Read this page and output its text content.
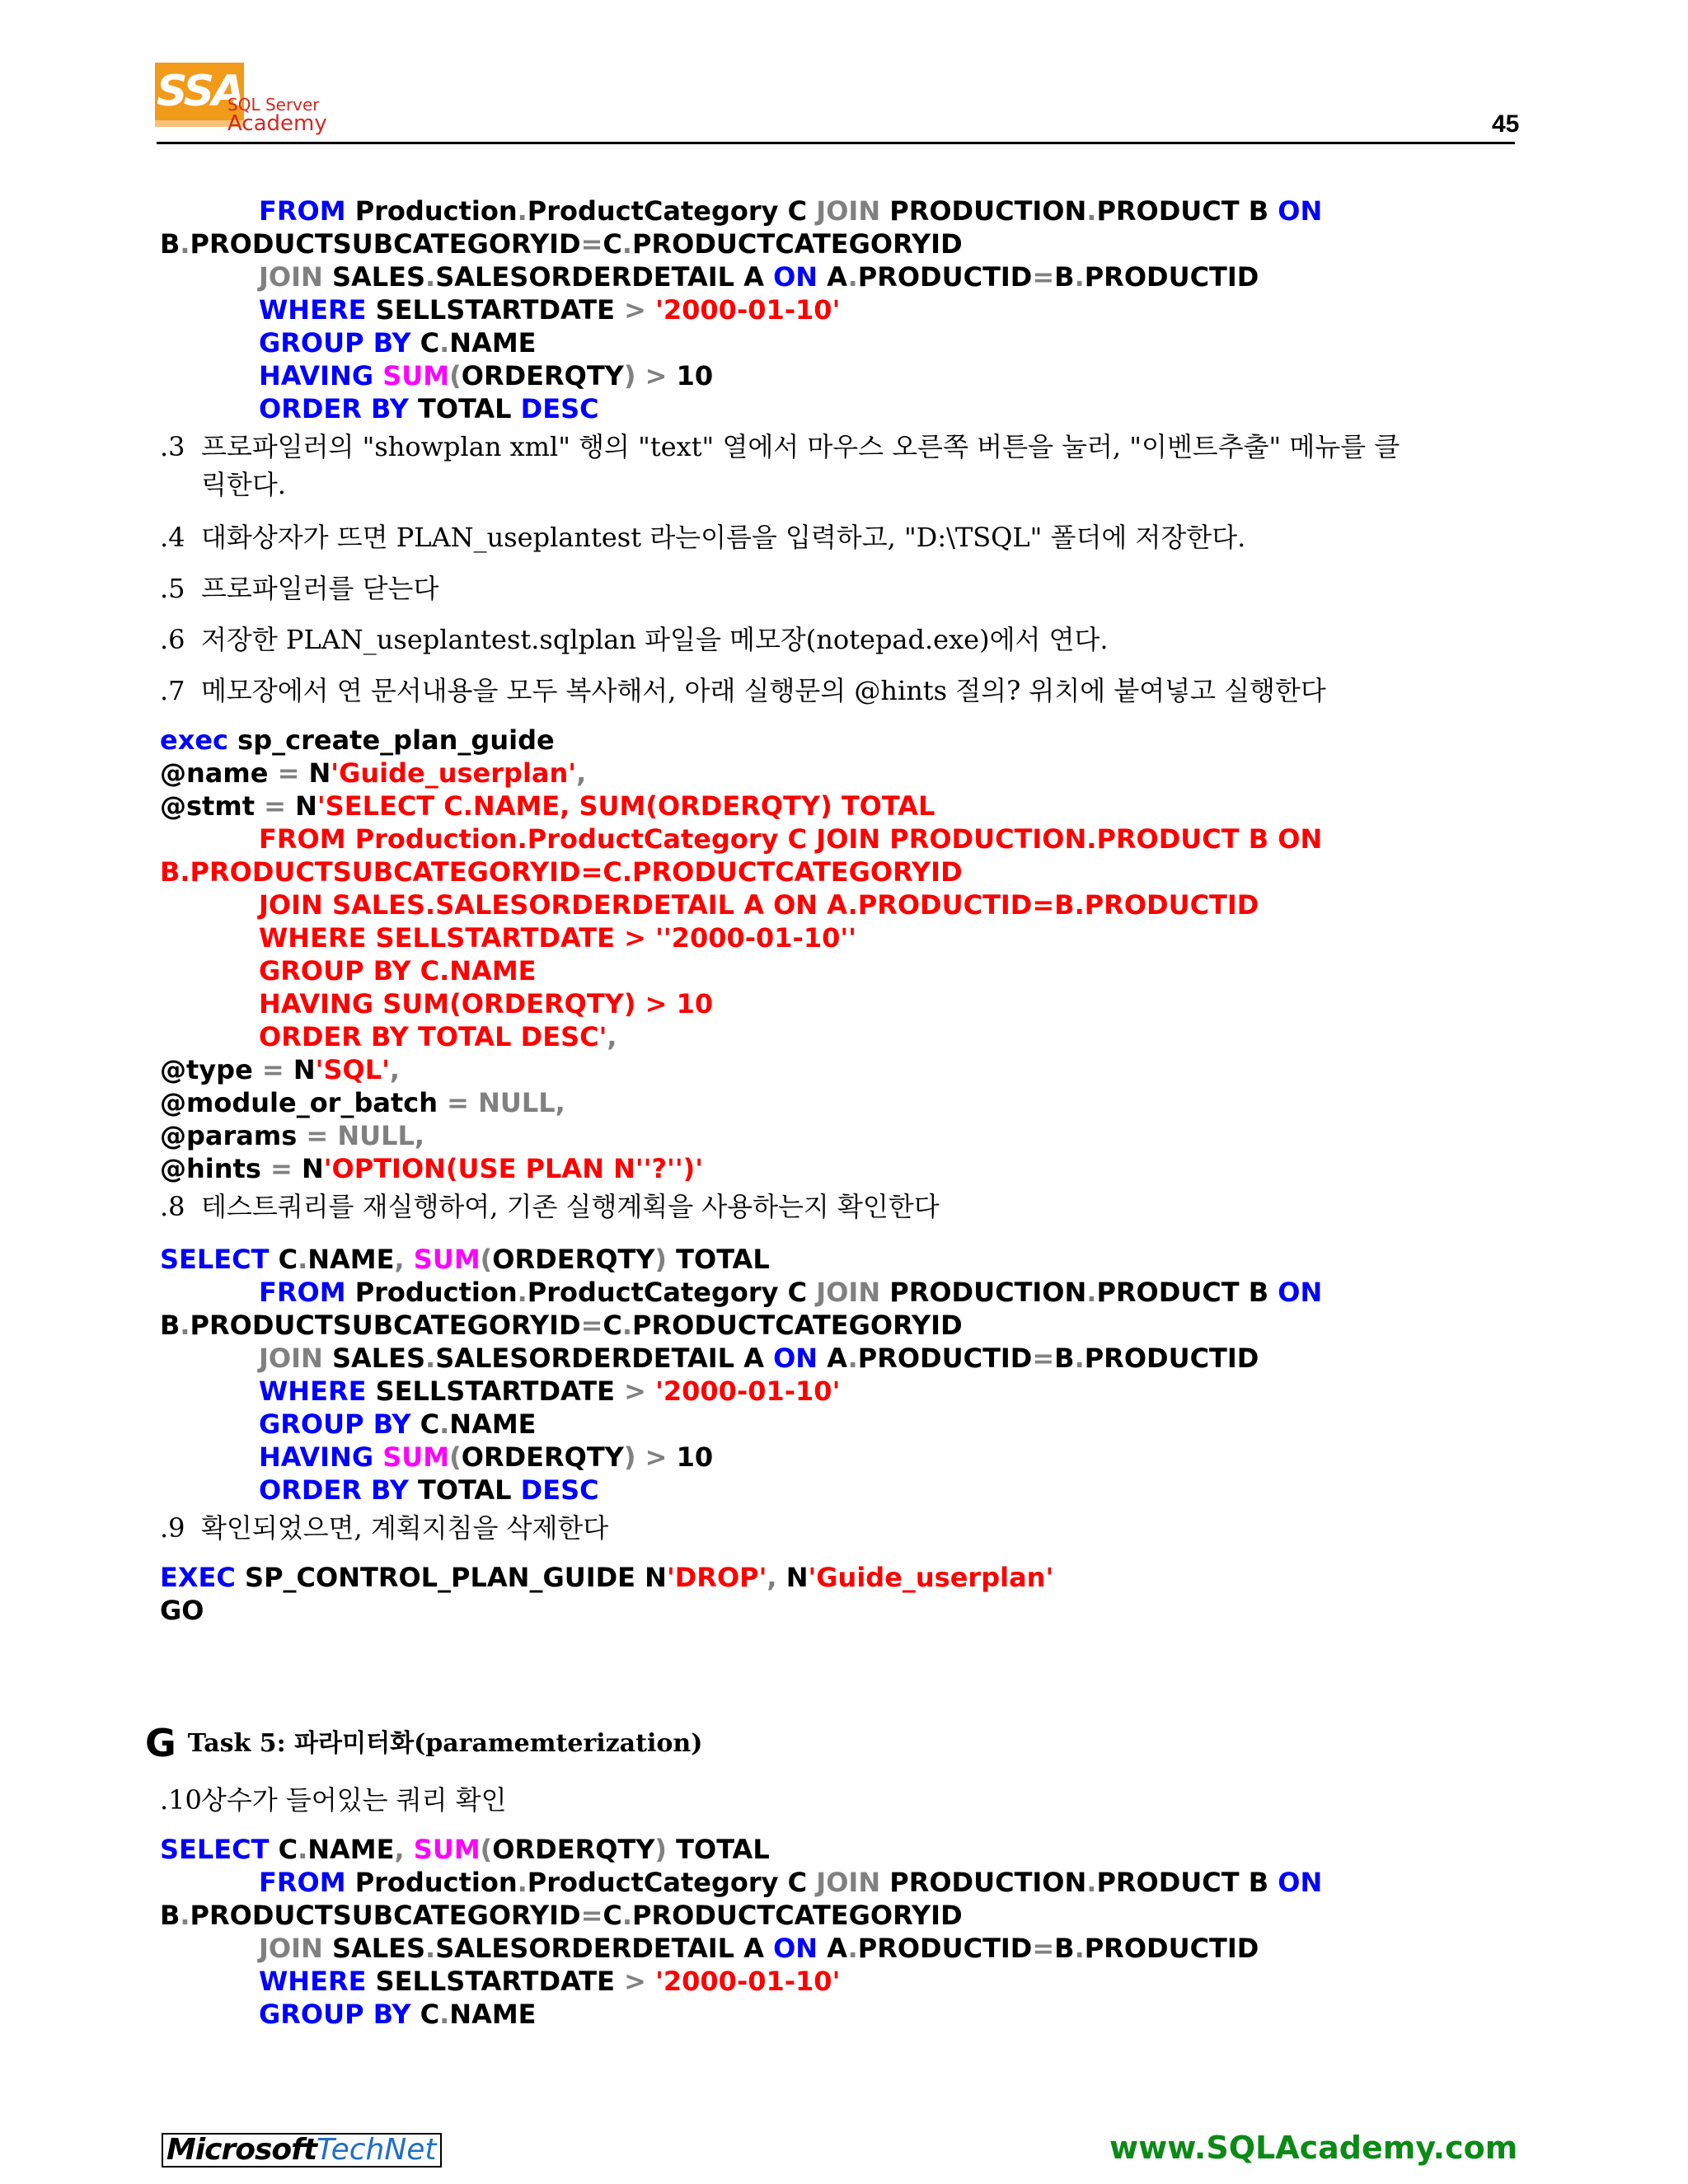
SSA
SQL Server
Academy	45
FROM Production.ProductCategory C JOIN PRODUCTION.PRODUCT B ON
B.PRODUCTSUBCATEGORYID=C.PRODUCTCATEGORYID
JOIN SALES.SALESORDERDETAIL A ON A.PRODUCTID=B.PRODUCTID
WHERE SELLSTARTDATE > '2000-01-10'
GROUP BY C.NAME
HAVING SUM(ORDERQTY) > 10
ORDER BY TOTAL DESC
.3 프로파일러의 "showplan xml" 행의 "text" 열에서 마우스 오른쪽 버튼을 눌러, "이벤트추출" 메뉴를 클
릭한다.
.4 대화상자가 뜨면 PLAN_useplantest 라는이름을 입력하고, "D:\TSQL" 폴더에 저장한다.
.5 프로파일러를 닫는다
.6 저장한 PLAN_useplantest.sqlplan 파일을 메모장(notepad.exe)에서 연다.
.7 메모장에서 연 문서내용을 모두 복사해서, 아래 실행문의 @hints 절의? 위치에 붙여넣고 실행한다
exec sp_create_plan_guide
@name = N'Guide_userplan',
@stmt = N'SELECT C.NAME, SUM(ORDERQTY) TOTAL
FROM Production.ProductCategory C JOIN PRODUCTION.PRODUCT B ON
B.PRODUCTSUBCATEGORYID=C.PRODUCTCATEGORYID
JOIN SALES.SALESORDERDETAIL A ON A.PRODUCTID=B.PRODUCTID
WHERE SELLSTARTDATE > ''2000-01-10''
GROUP BY C.NAME
HAVING SUM(ORDERQTY) > 10
ORDER BY TOTAL DESC',
@type = N'SQL',
@module_or_batch = NULL,
@params = NULL,
@hints = N'OPTION(USE PLAN N''?'')'
.8 테스트쿼리를 재실행하여, 기존 실행계획을 사용하는지 확인한다
SELECT C.NAME, SUM(ORDERQTY) TOTAL
FROM Production.ProductCategory C JOIN PRODUCTION.PRODUCT B ON
B.PRODUCTSUBCATEGORYID=C.PRODUCTCATEGORYID
JOIN SALES.SALESORDERDETAIL A ON A.PRODUCTID=B.PRODUCTID
WHERE SELLSTARTDATE > '2000-01-10'
GROUP BY C.NAME
HAVING SUM(ORDERQTY) > 10
ORDER BY TOTAL DESC
.9 확인되었으면, 계획지침을 삭제한다
EXEC SP_CONTROL_PLAN_GUIDE N'DROP', N'Guide_userplan'
GO
G Task 5: 파라미터화(paramemterization)
.10상수가 들어있는 쿼리 확인
SELECT C.NAME, SUM(ORDERQTY) TOTAL
FROM Production.ProductCategory C JOIN PRODUCTION.PRODUCT B ON
B.PRODUCTSUBCATEGORYID=C.PRODUCTCATEGORYID
JOIN SALES.SALESORDERDETAIL A ON A.PRODUCTID=B.PRODUCTID
WHERE SELLSTARTDATE > '2000-01-10'
GROUP BY C.NAME
MicrosoftTechNet	www.SQLAcademy.com
